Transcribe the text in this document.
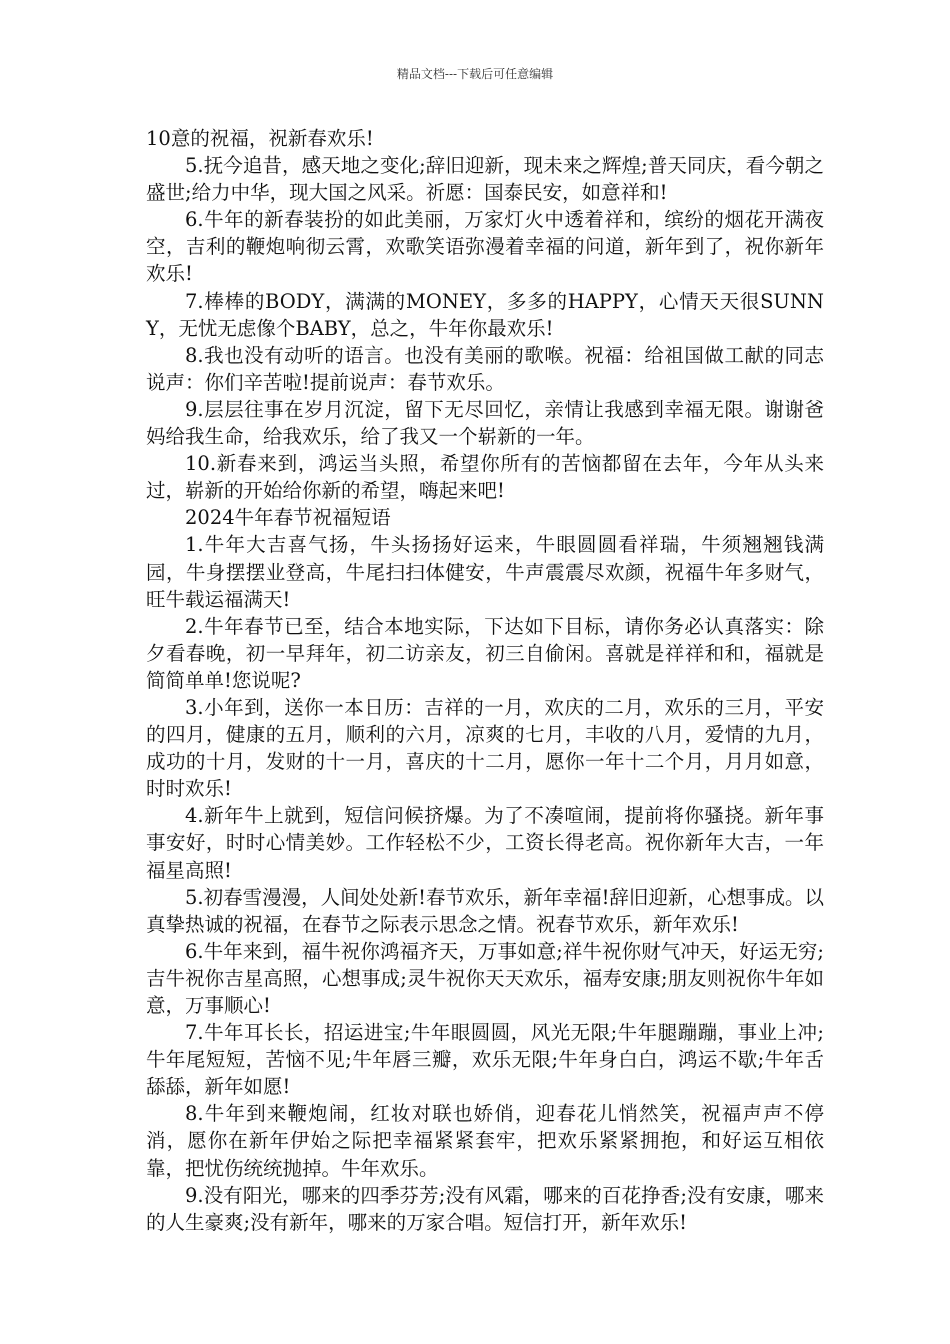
精品文档---下载后可任意编辑

10意的祝福，祝新春欢乐!

5.抚今追昔，感天地之变化;辞旧迎新，现未来之辉煌;普天同庆，看今朝之盛世;给力中华，现大国之风采。祈愿：国泰民安，如意祥和!

6.牛年的新春装扮的如此美丽，万家灯火中透着祥和，缤纷的烟花开满夜空，吉利的鞭炮响彻云霄，欢歌笑语弥漫着幸福的问道，新年到了，祝你新年欢乐!

7.棒棒的BODY，满满的MONEY，多多的HAPPY，心情天天很SUNNY，无忧无虑像个BABY，总之，牛年你最欢乐!

8.我也没有动听的语言。也没有美丽的歌喉。祝福：给祖国做工献的同志说声：你们辛苦啦!提前说声：春节欢乐。

9.层层往事在岁月沉淀，留下无尽回忆，亲情让我感到幸福无限。谢谢爸妈给我生命，给我欢乐，给了我又一个崭新的一年。

10.新春来到，鸿运当头照，希望你所有的苦恼都留在去年，今年从头来过，崭新的开始给你新的希望，嗨起来吧!

2024牛年春节祝福短语

1.牛年大吉喜气扬，牛头扬扬好运来，牛眼圆圆看祥瑞，牛须翘翘钱满园，牛身摆摆业登高，牛尾扫扫体健安，牛声震震尽欢颜，祝福牛年多财气，旺牛载运福满天!

2.牛年春节已至，结合本地实际，下达如下目标，请你务必认真落实：除夕看春晚，初一早拜年，初二访亲友，初三自偷闲。喜就是祥祥和和，福就是简简单单!您说呢?

3.小年到，送你一本日历：吉祥的一月，欢庆的二月，欢乐的三月，平安的四月，健康的五月，顺利的六月，凉爽的七月，丰收的八月，爱情的九月，成功的十月，发财的十一月，喜庆的十二月，愿你一年十二个月，月月如意，时时欢乐!

4.新年牛上就到，短信问候挤爆。为了不凑喧闹，提前将你骚挠。新年事事安好，时时心情美妙。工作轻松不少，工资长得老高。祝你新年大吉，一年福星高照!

5.初春雪漫漫，人间处处新!春节欢乐，新年幸福!辞旧迎新，心想事成。以真挚热诚的祝福，在春节之际表示思念之情。祝春节欢乐，新年欢乐!

6.牛年来到，福牛祝你鸿福齐天，万事如意;祥牛祝你财气冲天，好运无穷;吉牛祝你吉星高照，心想事成;灵牛祝你天天欢乐，福寿安康;朋友则祝你牛年如意，万事顺心!

7.牛年耳长长，招运进宝;牛年眼圆圆，风光无限;牛年腿蹦蹦，事业上冲;牛年尾短短，苦恼不见;牛年唇三瓣，欢乐无限;牛年身白白，鸿运不歇;牛年舌舔舔，新年如愿!

8.牛年到来鞭炮闹，红妆对联也娇俏，迎春花儿悄然笑，祝福声声不停消，愿你在新年伊始之际把幸福紧紧套牢，把欢乐紧紧拥抱，和好运互相依靠，把忧伤统统抛掉。牛年欢乐。

9.没有阳光，哪来的四季芬芳;没有风霜，哪来的百花挣香;没有安康，哪来的人生豪爽;没有新年，哪来的万家合唱。短信打开，新年欢乐!
